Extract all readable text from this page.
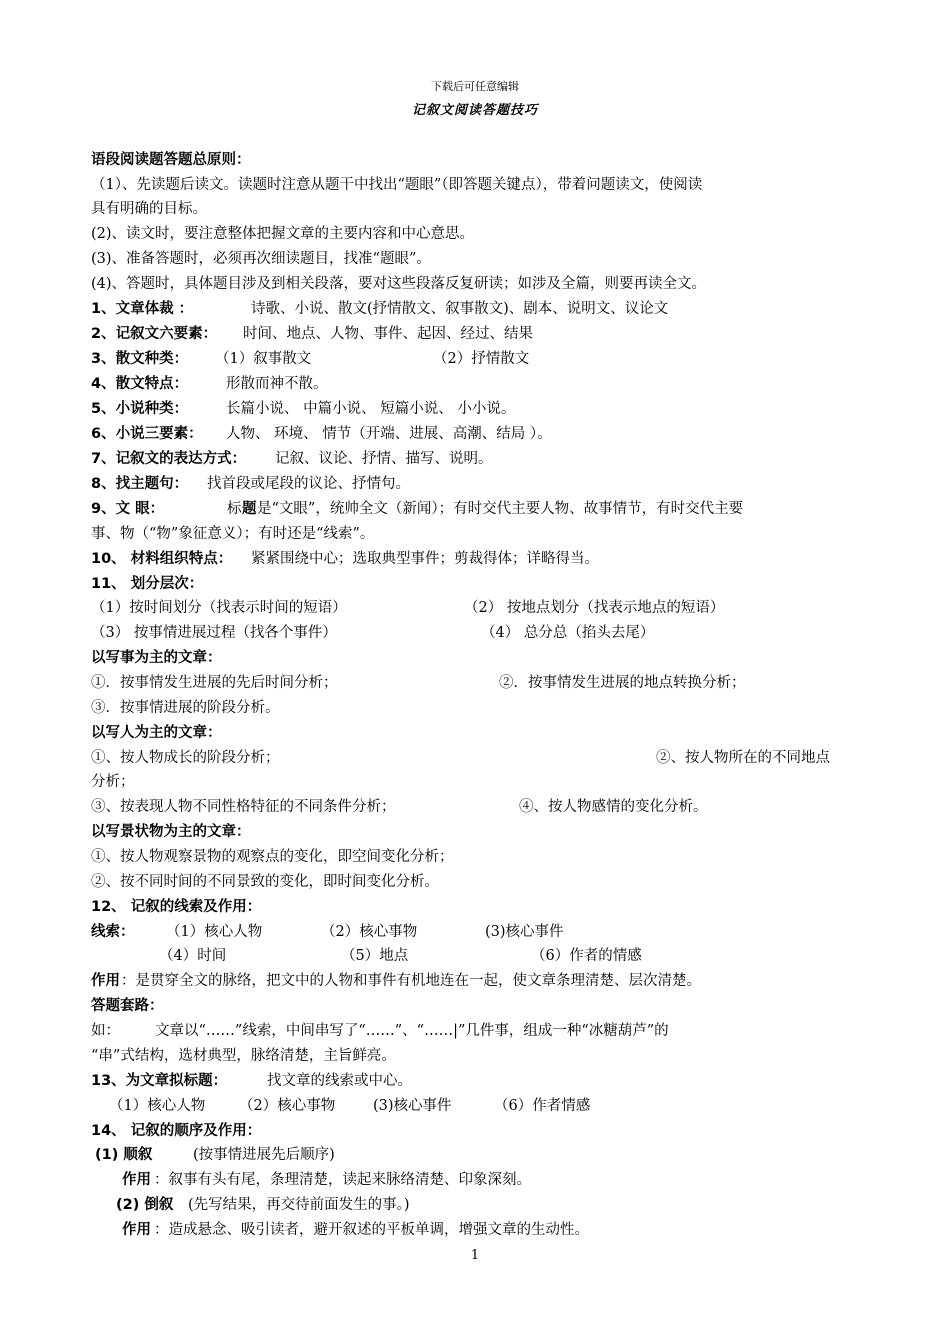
下载后可任意编辑
记叙文阅读答题技巧
语段阅读题答题总原则：
（1）、先读题后读文。读题时注意从题干中找出“题眼”（即答题关键点），带着问题读文，使阅读
具有明确的目标。
(2)、读文时，要注意整体把握文章的主要内容和中心意思。
(3)、准备答题时，必须再次细读题目，找准“题眼”。
(4)、答题时，具体题目涉及到相关段落，要对这些段落反复研读；如涉及全篇，则要再读全文。
1、文章体裁 ：	诗歌、小说、散文(抒情散文、叙事散文)、剧本、说明文、议论文
2、记叙文六要素： 时间、地点、人物、事件、起因、经过、结果
3、散文种类： （1）叙事散文	（2）抒情散文
4、散文特点：	形散而神不散。
5、小说种类：	长篇小说、 中篇小说、 短篇小说、 小小说。
6、小说三要素： 人物、 环境、 情节（开端、进展、高潮、结局 ）。
7、记叙文的表达方式： 记叙、议论、抒情、描写、说明。
8、找主题句： 找首段或尾段的议论、抒情句。
9、文 眼：	标 题 是“文眼”，统帅全文（新闻）；有时交代主要人物、故事情节，有时交代主要
事、物（“物”象征意义）；有时还是“线索”。
10、 材料组织特点： 紧紧围绕中心；选取典型事件；剪裁得体；详略得当。
11、 划分层次：
（1）按时间划分（找表示时间的短语）	（2） 按地点划分（找表示地点的短语）
（3） 按事情进展过程（找各个事件）	（4） 总分总（掐头去尾）
以写事为主的文章：
①．按事情发生进展的先后时间分析；	②．按事情发生进展的地点转换分析；
③．按事情进展的阶段分析。
以写人为主的文章：
①、按人物成长的阶段分析；	②、按人物所在的不同地点
分析；
③、按表现人物不同性格特征的不同条件分析；	④、按人物感情的变化分析。
以写景状物为主的文章：
①、按人物观察景物的观察点的变化，即空间变化分析；
②、按不同时间的不同景致的变化，即时间变化分析。
12、 记叙的线索及作用：
线索： （1）核心人物	（2）核心事物	(3)核心事件
（4）时间	（5）地点	（6）作者的情感
作用 ：是贯穿全文的脉络，把文中的人物和事件有机地连在一起，使文章条理清楚、层次清楚。
答题套路：
如： 文章以“……”线索，中间串写了“……”、“……|”几件事，组成一种“冰糖葫芦”的
“串”式结构，选材典型，脉络清楚，主旨鲜亮。
13、为文章拟标题：	找文章的线索或中心。
（1）核心人物 （2）核心事物	(3)核心事件	（6）作者情感
14、 记叙的顺序及作用：
(1) 顺叙	(按事情进展先后顺序)
作用 ：叙事有头有尾，条理清楚，读起来脉络清楚、印象深刻。
(2) 倒叙 (先写结果，再交待前面发生的事。)
作用 ：造成悬念、吸引读者，避开叙述的平板单调，增强文章的生动性。
1
